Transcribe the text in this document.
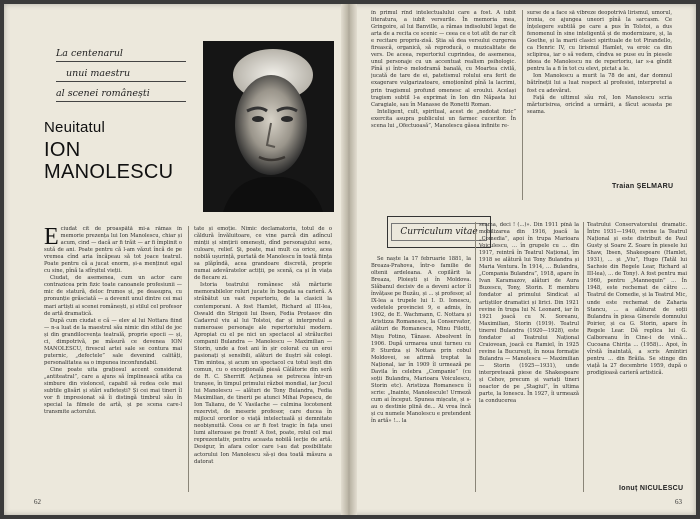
La centenarul
unui maestru
al scenei românești
Neuitatul
ION MANOLESCU

Eciudat cit de proaspătă mi-a rămas în memorie prezența lui Ion Manolescu, chiar și acum, cind — dacă ar fi trăit — ar fi împlinit o sută de ani. Poate pentru că l-am văzut încă de pe vremea cînd aria încăpeau să tot joace teatrul. Poate pentru că a jucat enorm, și-a menținut egal cu sine, pînă la sfîrșitul vieții.

Ciudat, de asemenea, cum un actor care contrazicea prin fizic toate canoanele profesiunii — mic de statură, deloc frumos și, pe deasupra, cu pronunție grăsciată — a devenit unul dintre cei mai mari artiști ai scenei românești, și stilul cel profesor de artă dramatică.

După cum ciudat e că — elev al lui Nottara fiind — n-a luat de la maestrul său nimic din stilul de joc și din grandilocvența teatrală, proprie epocii — și, ci, dimpotrivă, pe măsură ce devenea ION MANOLESCU, firescul artei sale se contura mai puternic, „defectele” sale devenind calități, personalitatea sa o impunea inconfundabil.

Cine poate uita grațiosul accent considerat „antiteatral”, care a ajuns să împlinească atîta ca simbure din violoncel, capabil să redea cele mai subtile glisări și stări sufletești? Și cei mai tineri îl vor fi impresionat să îi distingă timbrul său în special la filmele de artă, și pe scena care-l transmite actorului.

tate și emoție. Nimic declamatoriu, totul de o căldură învăluitoare, ce vine parcă din adîncul minții și simțirii omenești, dînd personajului sens, culoare, relief. Și, poate, mai mult ca orice, acea nobilă ușurință, purtată de Manolescu în toată ființa sa plăpîndă, acea grandoare discretă, proprie numai adevăratelor actiții, pe scenă, ca și în viața de fiecare zi.

Istoria teatrului românesc stă mărturie memorabilelor roluri jucate în bogata sa carieră. A străbătut un vast repertoriu, de la clasicii la contemporani. A fost Hamlet, Richard al III-lea, Oswald din Strigoii lui Ibsen, Fedia Protasov din Cadavrul viu al lui Tolstoi, dar și interpretul a numeroase personaje ale repertoriului modern. Apropiat cu el pe nici un spectacol al strălucitei companii Bulandra — Manolescu — Maximilian — Storin, unde a fost ani în șir colorat cu un eroi pasionați și sensibili, alături de iluștri săi colegi. Tim mintea, și acum un spectacol cu totul ieșit din comun, cu o excepțională piesă Câlătorie din seră de R. C. Sherriff. Acțiunea se petrecea într-un tranșee, în timpul primului război mondial, iar Jocul lui Manolescu — alături de Tony Bulandra, Fedia Maximilian, de tinerii pe atunci Mihai Popescu, de Ion Talianu, de V. Vasilache — culmina locotenent rezervist, de meserie profesor, care ducea în mijlocul ororilor o viață intelectuală și demnitate neobișnuită. Ceea ce ar fi fost tragic în fața unei lumi alteroase pe front! A fost, poate, rolul cel mai reprezentativ, pentru aceasta nobilă lecție de artă. Desigur, în afara celor care i-au dat posibilitate actorului Ion Manolescu să-și dea toată măsura a datorat

62

în primul rînd intelectualului care a fost. A iubit literatura, a iubit versurile. În memoria mea, Gringoire, al lui Banville, a rămas indisolubil legat de arta de a recita ce scenic — ceea ce e tot atît de rar cît e recitare propriu-zisă. Știa să dea versului curgerea firească, organică, să reproducă, o muzicalitate de vers. De aceea, repertoriul cuprindea, de asemenea, unul personaje cu un accentuat realism psihologic. Pînă și într-o melodramă banală, cu Moartea civilă, jucată de tare de ei, patetismul rolului era ferit de exagerare vulgarizatoare, emoționînd pînă la lacrimi, prin tragismul profund omenesc al eroului. Același tragism subtil l-a exprimat în Ion din Năpasta lui Caragiale, sau în Manasse de Ronetti Roman.

Inteligent, cult, spiritual, acest de „nedotat fizic” exercita asupra publicului un farmec cuceritor. În scena lui „Ofectuoasă”, Manolescu găsea infinite re-

surse de a face să vibreze deopotrivă lirismul, umorul, ironia, ce ajungea uneori pînă la sarcasm. Ce înțelegere subtilă pe care a pus în Tolstoi, a dus fenomenul în sine inteligentă și de modernizare, și, la Goethe, și la marii clasici spirituale de tot Pirandello, ca Henric IV, cu lirismul Hamlet, va eroic ca din sclipirea, iar o să vedem, cîndva se puse eu în piesele ideea de Manolescu nu de repertoriu, iar s-a gîndit pentru la a fi în tot cu elevi, pictat a le.

Ion Manolescu a murit la 78 de ani, dar domnul bătrîneții lui a luat respect al profesiei, interpretul a fost cu adevărat.

Față de ultimul său rol, Ion Manolescu scria mărturisirea, oricînd a urmării, a făcut aceasta pe seama.

Traian ȘELMARU
Curriculum vitae

Se naște la 17 februarie 1881, la Breaza-Prahova, într-o familie de oltenii ardeleanа. A copilărit la Breaza, Ploiești și în Moldova. Slăbanul decisiv de a deveni actor îl învățase pe Buzău, și ... și profesor, al IX-lea a trupele lui I. D. Ionescu, vedetele provinciei 9, e admis, în 1902, de E. Wachmann, C. Nottara și Aristizza Romanescu, la Conservator, alături de Romanescu, Minu Filotti, Mișu Fotino, Tănase. Absolvent în 1906. După urmarea unui turneu cu P. Sturdza și Nottara prin cobul Moldovei, se afirmă treptat la Național, iar în 1909 îl urmează pe Davila în celebra „Companie” (cu soții Bulandra, Marioara Voiculescu, Storin etc). Aristizza Romanescu îi scrie: „Inainte, Manolescule! Urmeză cum ai început. Spunea mișcate, și s-au o destinie plină de... Ai vrea încă și cu numele Manolescu e pretendent în artă» !... la

seama, deci ! (...)». Din 1911 pînă la mobilizarea din 1916, joacă la „Comedia”, apoi în trupa Marioara Voiculescu, ... în grupele cu ... din 1917, reintră în Teatrul Național, îm 1918 se alătură lui Tony Bulandra și Maria Ventura. În 1914, ... Bulandra, „Compania Bulandra”, 1918, apare în Ivan Karamazov, alături de Aura Buzescu, Tony, Storin. E membru fondator al primului Sindicat al artiștilor dramatici și lirici. Din 1921 revine în trupa lui N. Leonard, iar în 1921 joacă cu N. Soreanu, Maximilian, Storin (1919). Teatrul tinerei Bulandra (1920—1928), este fondator al Teatrului Național Craiovean, joacă cu Ramiel, în 1925 revine la București, în noua formație Bulandra — Manolescu — Maximilian — Storin (1925—1931), unde interpretează piese de Shakespeare și Cehov, precum și variați tineri neactor de pe „Stagiul”, în ultima parte, la Ionescu. În 1927, îi urmează la conducerea

Teatrului Conservatorului dramatic. Între 1931—1940, revine la Teatrul Național și este distribuit de Paul Gusty și Soare Z. Soare în piesele lui Shaw, Ibsen, Shakespeare (Hamlet, 1931), ... și „Viu”, Hugo (Tatăl lui Sachsie din Regele Lear, Richard al III-lea), ... de Tony). A fost pentru mai 1960, pentru „Mannequin” ... În 1948, este rechemat de către ... Teatrul de Comedie, și la Teatrul Mic, unde este rechemat de Zaharia Stancu, ... a alăturat de soții Bulandra în piesa Ginerele domnului Poirier, și ca G. Storin, apare în Regele Lear. Dă replica lui G. Calboreanu în Cine-i de vină... Cucoana Chirița ... (1958)... Apoi, în vîrstă înaintată, a scris Amintiri pentru ... din Brăila. Se stinge din viață la 27 decembrie 1959, după o prodigioasă carieră artistică.

Ionuț NICULESCU
63
